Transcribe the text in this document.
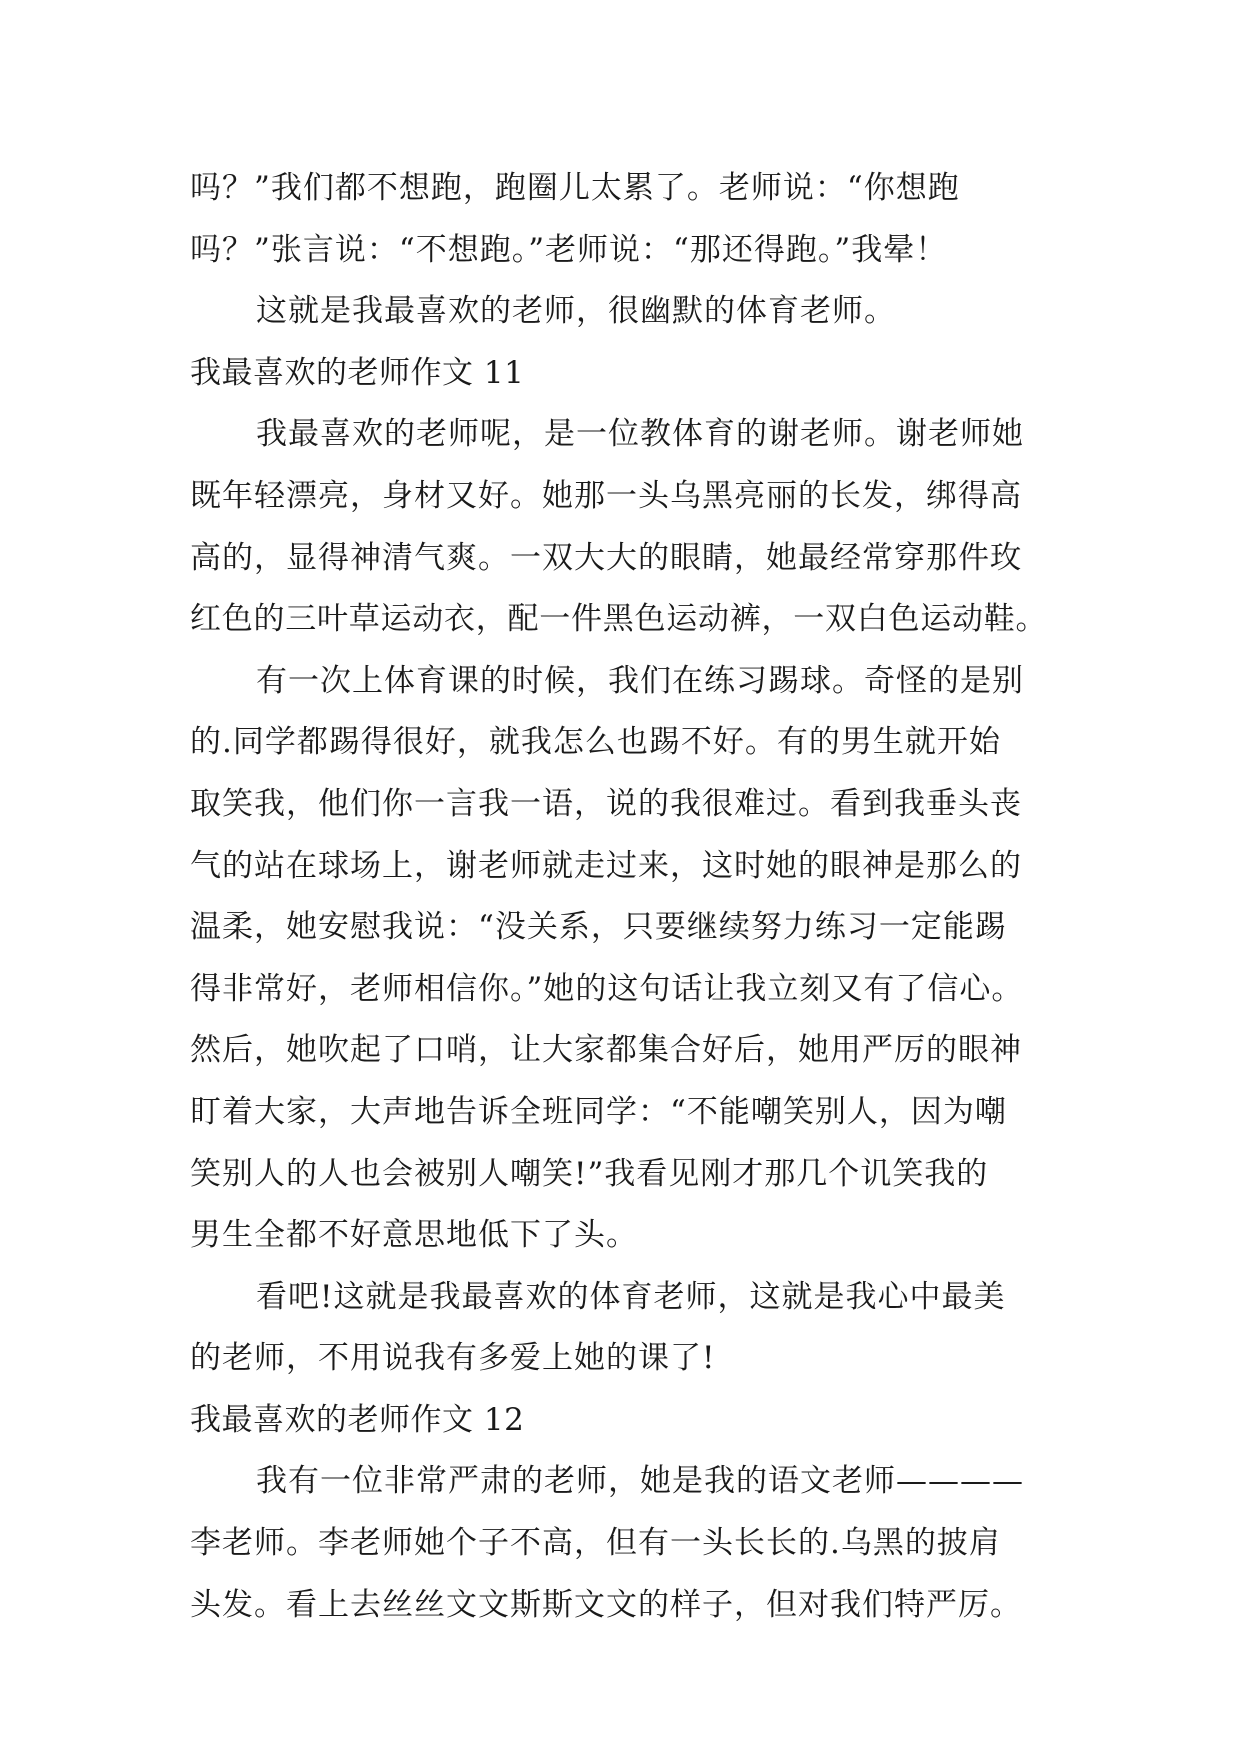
吗？”我们都不想跑，跑圈儿太累了。老师说：“你想跑
吗？”张言说：“不想跑。”老师说：“那还得跑。”我晕！
这就是我最喜欢的老师，很幽默的体育老师。
我最喜欢的老师作文 11
我最喜欢的老师呢，是一位教体育的谢老师。谢老师她
既年轻漂亮，身材又好。她那一头乌黑亮丽的长发，绑得高
高的，显得神清气爽。一双大大的眼睛，她最经常穿那件玫
红色的三叶草运动衣，配一件黑色运动裤，一双白色运动鞋。
有一次上体育课的时候，我们在练习踢球。奇怪的是别
的.同学都踢得很好，就我怎么也踢不好。有的男生就开始
取笑我，他们你一言我一语，说的我很难过。看到我垂头丧
气的站在球场上，谢老师就走过来，这时她的眼神是那么的
温柔，她安慰我说：“没关系，只要继续努力练习一定能踢
得非常好，老师相信你。”她的这句话让我立刻又有了信心。
然后，她吹起了口哨，让大家都集合好后，她用严厉的眼神
盯着大家，大声地告诉全班同学：“不能嘲笑别人，因为嘲
笑别人的人也会被别人嘲笑!”我看见刚才那几个讥笑我的
男生全都不好意思地低下了头。
看吧!这就是我最喜欢的体育老师，这就是我心中最美
的老师，不用说我有多爱上她的课了!
我最喜欢的老师作文 12
我有一位非常严肃的老师，她是我的语文老师————
李老师。李老师她个子不高，但有一头长长的.乌黑的披肩
头发。看上去丝丝文文斯斯文文的样子，但对我们特严厉。
